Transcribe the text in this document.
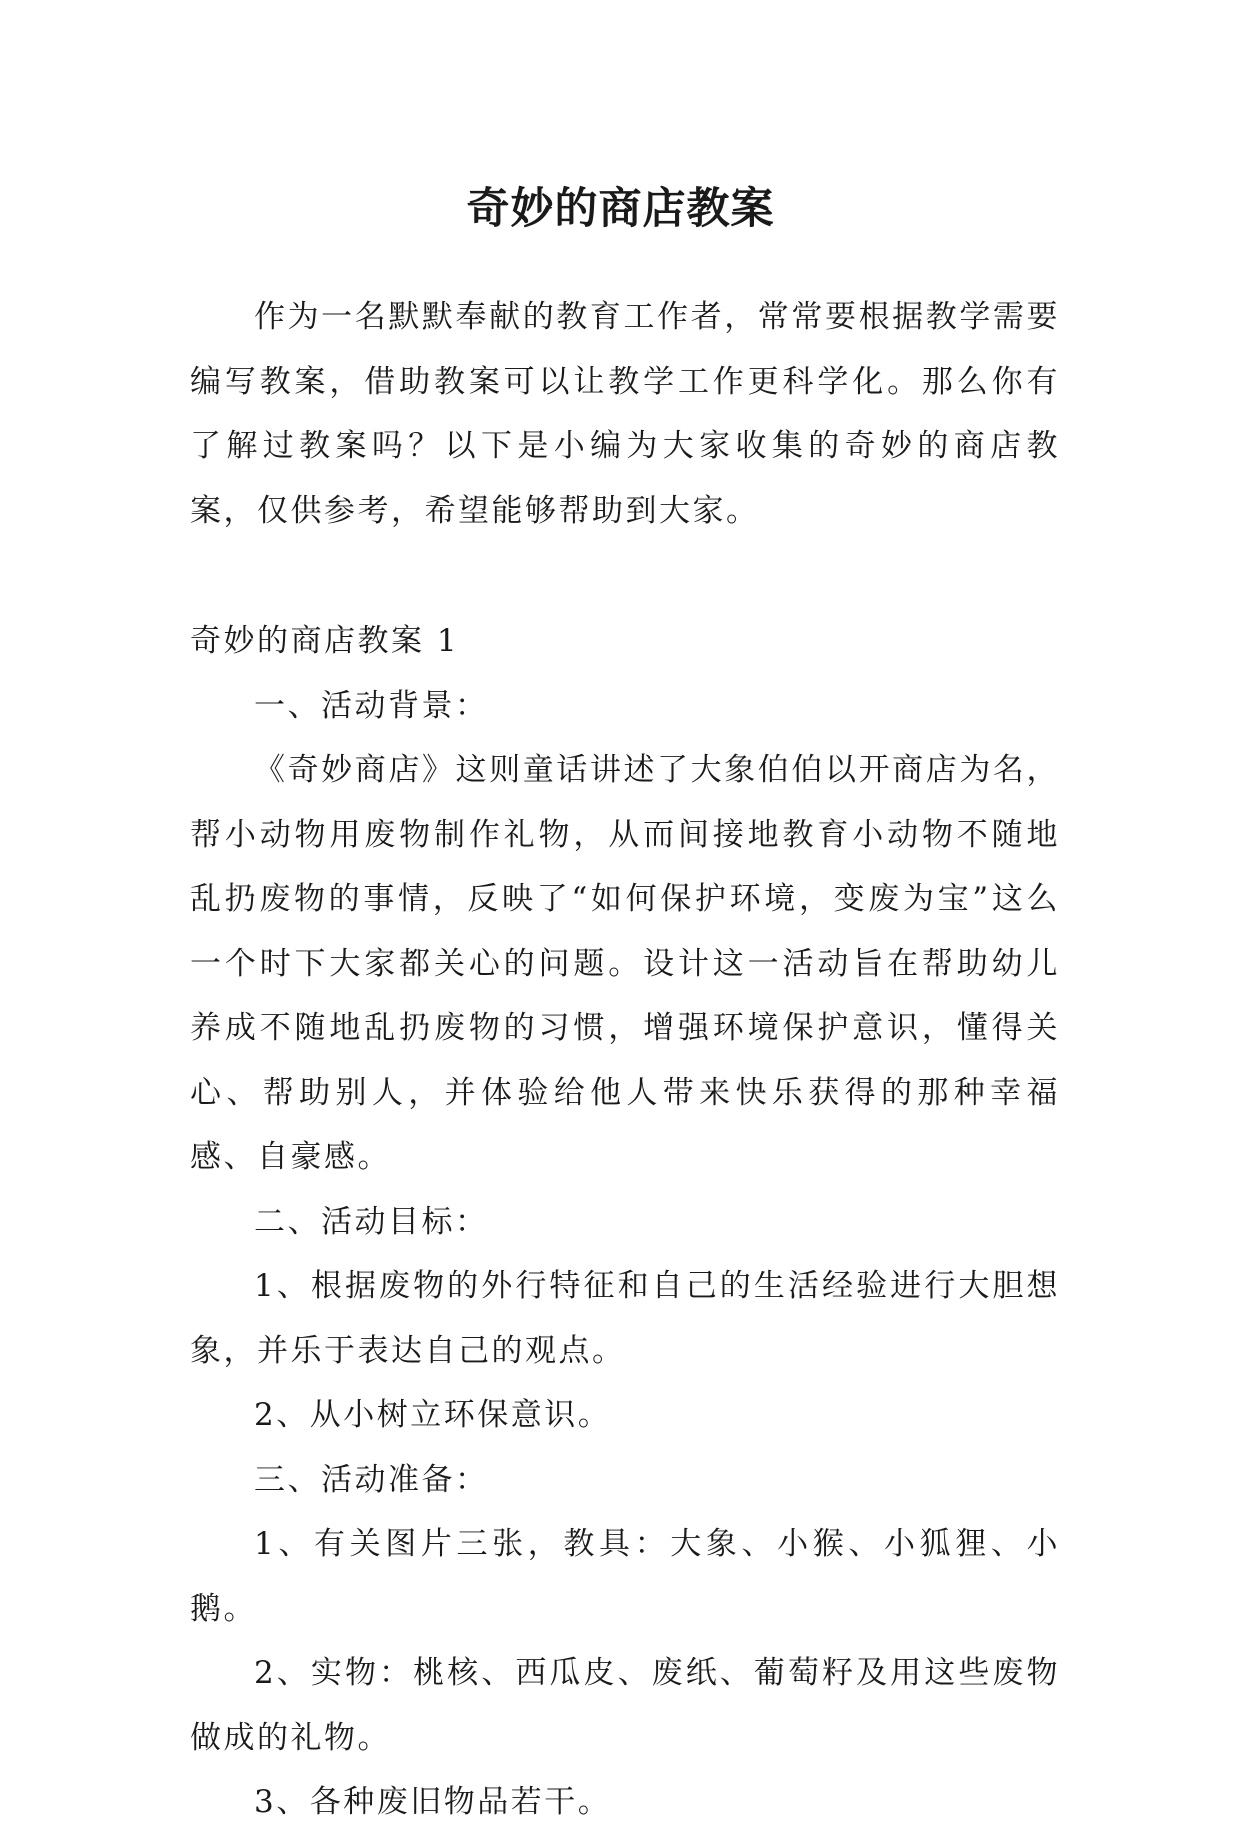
奇妙的商店教案

作为一名默默奉献的教育工作者，常常要根据教学需要编写教案，借助教案可以让教学工作更科学化。那么你有了解过教案吗？以下是小编为大家收集的奇妙的商店教案，仅供参考，希望能够帮助到大家。

奇妙的商店教案 1

一、活动背景：

《奇妙商店》这则童话讲述了大象伯伯以开商店为名，帮小动物用废物制作礼物，从而间接地教育小动物不随地乱扔废物的事情，反映了“如何保护环境，变废为宝”这么一个时下大家都关心的问题。设计这一活动旨在帮助幼儿养成不随地乱扔废物的习惯，增强环境保护意识，懂得关心、帮助别人，并体验给他人带来快乐获得的那种幸福感、自豪感。

二、活动目标：

1、根据废物的外行特征和自己的生活经验进行大胆想象，并乐于表达自己的观点。

2、从小树立环保意识。

三、活动准备：

1、有关图片三张，教具：大象、小猴、小狐狸、小鹅。

2、实物：桃核、西瓜皮、废纸、葡萄籽及用这些废物做成的礼物。

3、各种废旧物品若干。
